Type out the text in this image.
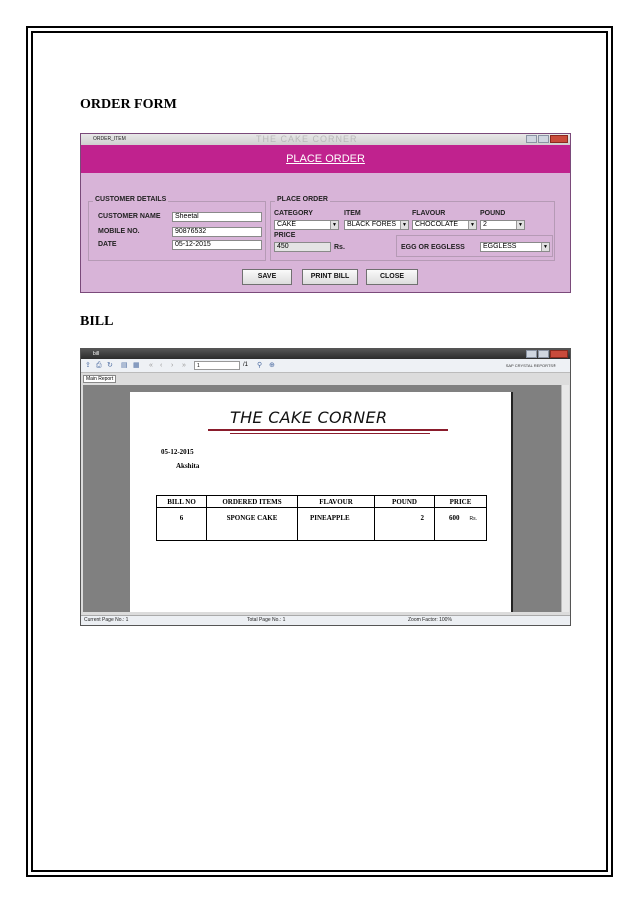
ORDER FORM
ORDER_ITEM	THE CAKE CORNER
PLACE ORDER
CUSTOMER DETAILS
CUSTOMER NAME	Sheetal
MOBILE NO.	90876532
DATE	05-12-2015
PLACE ORDER
CATEGORY
CAKE	▼
ITEM
BLACK FORES	▼
FLAVOUR
CHOCOLATE	▼
POUND
2	▼
PRICE
450	Rs.	EGG OR EGGLESS	EGGLESS	▼
SAVE	PRINT BILL	CLOSE
BILL
bill
⇪ ⎙ ↻ ▤ ▦ «	‹	›	»	1	/1 ⚲ ⊕	SAP CRYSTAL REPORTS®
Main Report
THE CAKE CORNER
05-12-2015
Akshita
BILL NO	ORDERED ITEMS	FLAVOUR	POUND	PRICE
6	SPONGE CAKE	PINEAPPLE	2	600 Rs.
Current Page No.: 1	Total Page No.: 1	Zoom Factor: 100%
